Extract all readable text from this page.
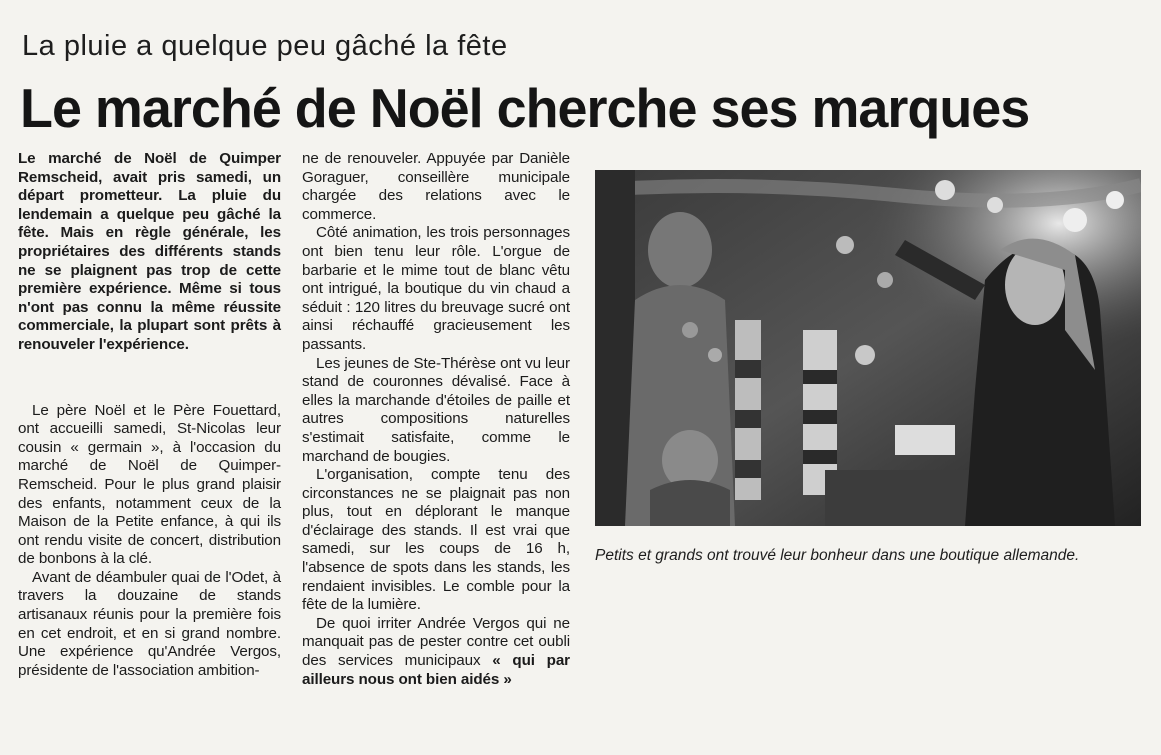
La pluie a quelque peu gâché la fête
Le marché de Noël cherche ses marques

Le marché de Noël de Quimper Remscheid, avait pris samedi, un départ prometteur. La pluie du lendemain a quelque peu gâché la fête. Mais en règle générale, les propriétaires des différents stands ne se plaignent pas trop de cette première expérience. Même si tous n'ont pas connu la même réussite commerciale, la plupart sont prêts à renouveler l'expérience.

Le père Noël et le Père Fouettard, ont accueilli samedi, St-Nicolas leur cousin « germain », à l'occasion du marché de Noël de Quimper-Remscheid. Pour le plus grand plaisir des enfants, notamment ceux de la Maison de la Petite enfance, à qui ils ont rendu visite de concert, distribution de bonbons à la clé.

Avant de déambuler quai de l'Odet, à travers la douzaine de stands artisanaux réunis pour la première fois en cet endroit, et en si grand nombre. Une expérience qu'Andrée Vergos, présidente de l'association ambition-

ne de renouveler. Appuyée par Danièle Goraguer, conseillère municipale chargée des relations avec le commerce.

Côté animation, les trois personnages ont bien tenu leur rôle. L'orgue de barbarie et le mime tout de blanc vêtu ont intrigué, la boutique du vin chaud a séduit : 120 litres du breuvage sucré ont ainsi réchauffé gracieusement les passants.

Les jeunes de Ste-Thérèse ont vu leur stand de couronnes dévalisé. Face à elles la marchande d'étoiles de paille et autres compositions naturelles s'estimait satisfaite, comme le marchand de bougies.

L'organisation, compte tenu des circonstances ne se plaignait pas non plus, tout en déplorant le manque d'éclairage des stands. Il est vrai que samedi, sur les coups de 16 h, l'absence de spots dans les stands, les rendaient invisibles. Le comble pour la fête de la lumière.

De quoi irriter Andrée Vergos qui ne manquait pas de pester contre cet oubli des services municipaux « qui par ailleurs nous ont bien aidés »

Petits et grands ont trouvé leur bonheur dans une boutique allemande.
